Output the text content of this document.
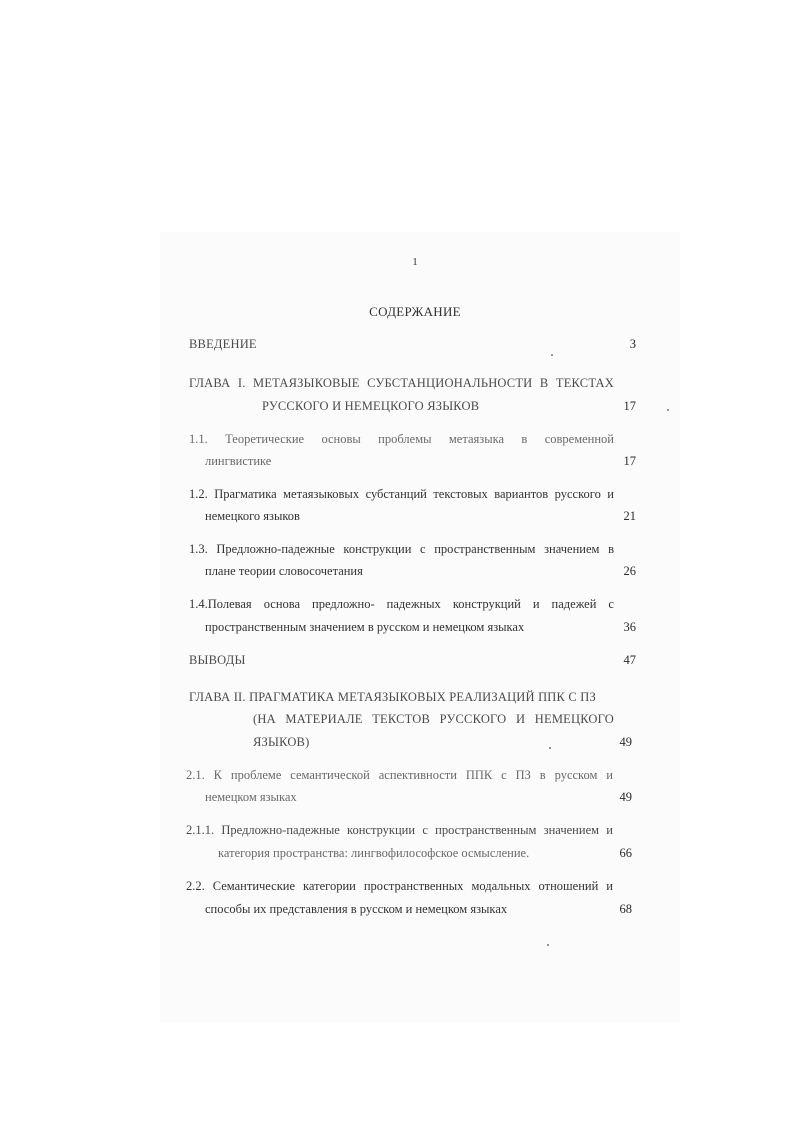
1
СОДЕРЖАНИЕ
ВВЕДЕНИЕ	3
ГЛАВА I. МЕТАЯЗЫКОВЫЕ СУБСТАНЦИОНАЛЬНОСТИ В ТЕКСТАХ
РУССКОГО И НЕМЕЦКОГО ЯЗЫКОВ	17
1.1. Теоретические основы проблемы метаязыка в современной
лингвистике	17
1.2. Прагматика метаязыковых субстанций текстовых вариантов русского и
немецкого языков	21
1.3. Предложно-падежные конструкции с пространственным значением в
плане теории словосочетания	26
1.4.Полевая основа предложно- падежных конструкций и падежей с
пространственным значением в русском и немецком языках	36
ВЫВОДЫ	47
ГЛАВА II. ПРАГМАТИКА МЕТАЯЗЫКОВЫХ РЕАЛИЗАЦИЙ ППК С ПЗ
(НА МАТЕРИАЛЕ ТЕКСТОВ РУССКОГО И НЕМЕЦКОГО
ЯЗЫКОВ)	49
2.1. К проблеме семантической аспективности ППК с ПЗ в русском и
немецком языках	49
2.1.1. Предложно-падежные конструкции с пространственным значением и
категория пространства: лингвофилософское осмысление.	66
2.2. Семантические категории пространственных модальных отношений и
способы их представления в русском и немецком языках	68
